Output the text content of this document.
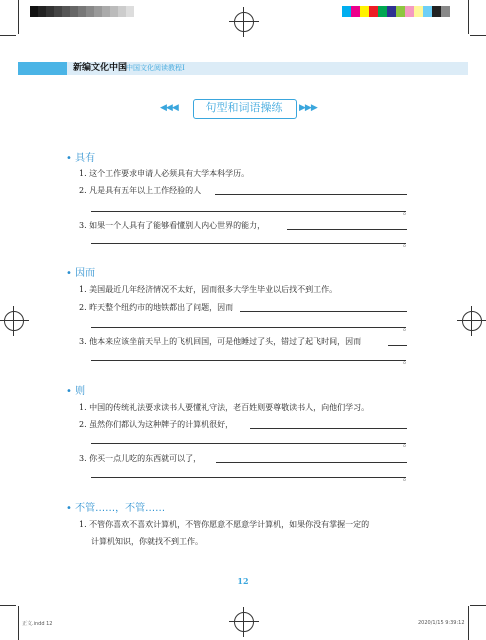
新编文化中国
中国文化阅读教程Ⅰ
◀◀◀	句型和词语操练	▶▶▶
• 具有
1. 这个工作要求申请人必须具有大学本科学历。
2. 凡是具有五年以上工作经验的人
。
3. 如果一个人具有了能够看懂别人内心世界的能力，
。
• 因而
1. 美国最近几年经济情况不太好，因而很多大学生毕业以后找不到工作。
2. 昨天整个纽约市的地铁都出了问题，因而
。
3. 他本来应该坐前天早上的飞机回国，可是他睡过了头，错过了起飞时间，因而
。
• 则
1. 中国的传统礼法要求读书人要懂礼守法，老百姓则要尊敬读书人，向他们学习。
2. 虽然你们都认为这种牌子的计算机很好，
。
3. 你买一点儿吃的东西就可以了，
。
• 不管……，不管……
1. 不管你喜欢不喜欢计算机，不管你愿意不愿意学计算机，如果你没有掌握一定的
计算机知识，你就找不到工作。
12
正文.indd 12	2020/1/15 9:39:12
